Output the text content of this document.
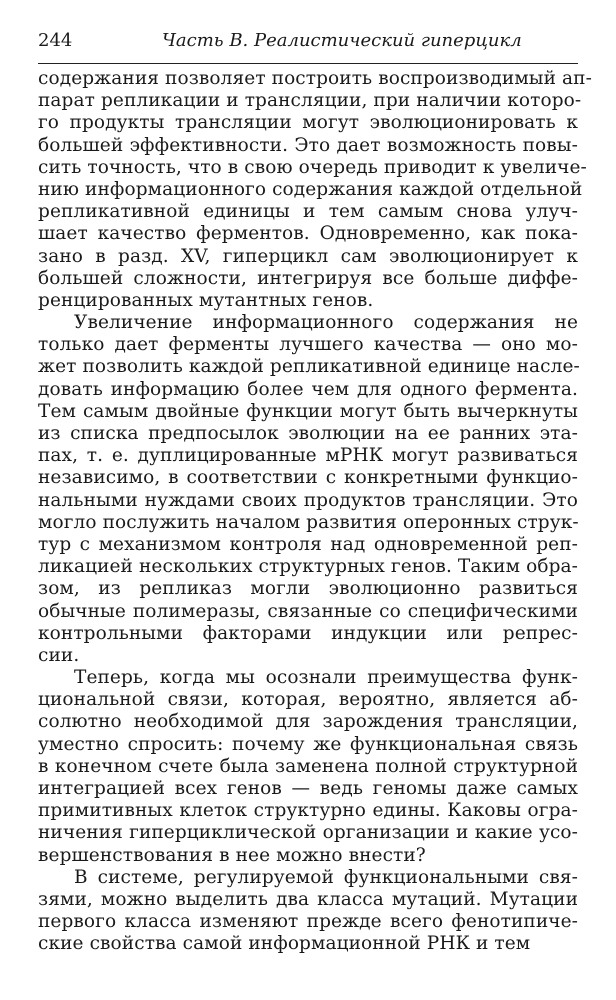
244	Часть В. Реалистический гиперцикл
содержания позволяет построить воспроизводимый ап-
парат репликации и трансляции, при наличии которо-
го продукты трансляции могут эволюционировать к
большей эффективности. Это дает возможность повы-
сить точность, что в свою очередь приводит к увеличе-
нию информационного содержания каждой отдельной
репликативной единицы и тем самым снова улуч-
шает качество ферментов. Одновременно, как пока-
зано в разд. XV, гиперцикл сам эволюционирует к
большей сложности, интегрируя все больше диффе-
ренцированных мутантных генов.
Увеличение информационного содержания не
только дает ферменты лучшего качества — оно мо-
жет позволить каждой репликативной единице насле-
довать информацию более чем для одного фермента.
Тем самым двойные функции могут быть вычеркнуты
из списка предпосылок эволюции на ее ранних эта-
пах, т. е. дуплицированные мРНК могут развиваться
независимо, в соответствии с конкретными функцио-
нальными нуждами своих продуктов трансляции. Это
могло послужить началом развития оперонных струк-
тур с механизмом контроля над одновременной реп-
ликацией нескольких структурных генов. Таким обра-
зом, из репликаз могли эволюционно развиться
обычные полимеразы, связанные со специфическими
контрольными факторами индукции или репрес-
сии.
Теперь, когда мы осознали преимущества функ-
циональной связи, которая, вероятно, является аб-
солютно необходимой для зарождения трансляции,
уместно спросить: почему же функциональная связь
в конечном счете была заменена полной структурной
интеграцией всех генов — ведь геномы даже самых
примитивных клеток структурно едины. Каковы огра-
ничения гиперциклической организации и какие усо-
вершенствования в нее можно внести?
В системе, регулируемой функциональными свя-
зями, можно выделить два класса мутаций. Мутации
первого класса изменяют прежде всего фенотипиче-
ские свойства самой информационной РНК и тем
